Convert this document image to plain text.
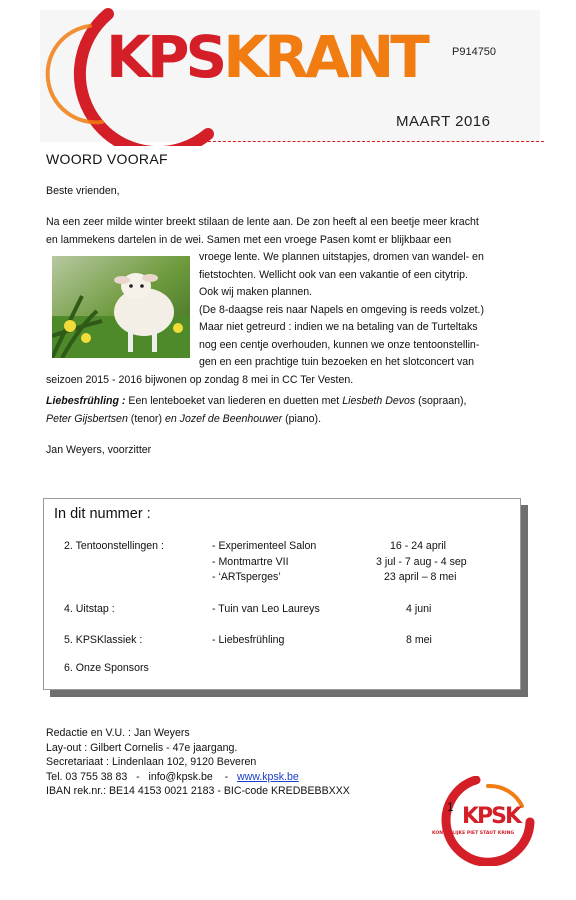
KPSKRANT P914750
MAART 2016
WOORD VOORAF
Beste vrienden,
Na een zeer milde winter breekt stilaan de lente aan. De zon heeft al een beetje meer kracht
en lammekens dartelen in de wei. Samen met een vroege Pasen komt er blijkbaar een
vroege lente. We plannen uitstapjes, dromen van wandel- en
fietstochten. Wellicht ook van een vakantie of een citytrip.
Ook wij maken plannen.
(De 8-daagse reis naar Napels en omgeving is reeds volzet.)
Maar niet getreurd : indien we na betaling van de Turteltaks
nog een centje overhouden, kunnen we onze tentoonstellin-
gen en een prachtige tuin bezoeken en het slotconcert van
seizoen 2015 - 2016 bijwonen op zondag 8 mei in CC Ter Vesten.
Liebesfrühling : Een lenteboeket van liederen en duetten met Liesbeth Devos (sopraan),
Peter Gijsbertsen (tenor) en Jozef de Beenhouwer (piano).
Jan Weyers, voorzitter
In dit nummer :
2. Tentoonstellingen :	- Experimenteel Salon	16 - 24 april
- Montmartre VII	3 jul - 7 aug - 4 sep
- ‘ARTsperges’	23 april – 8 mei
4. Uitstap :	- Tuin van Leo Laureys	4 juni
5. KPSKlassiek :	- Liebesfrühling	8 mei
6. Onze Sponsors
Redactie en V.U. : Jan Weyers
Lay-out : Gilbert Cornelis - 47e jaargang.
Secretariaat : Lindenlaan 102, 9120 Beveren
Tel. 03 755 38 83   -   info@kpsk.be    -   www.kpsk.be
IBAN rek.nr.: BE14 4153 0021 2183 - BIC-code KREDBEBBXXX
KPSK
KONINKLIJKE PIET STAUT KRING
1
